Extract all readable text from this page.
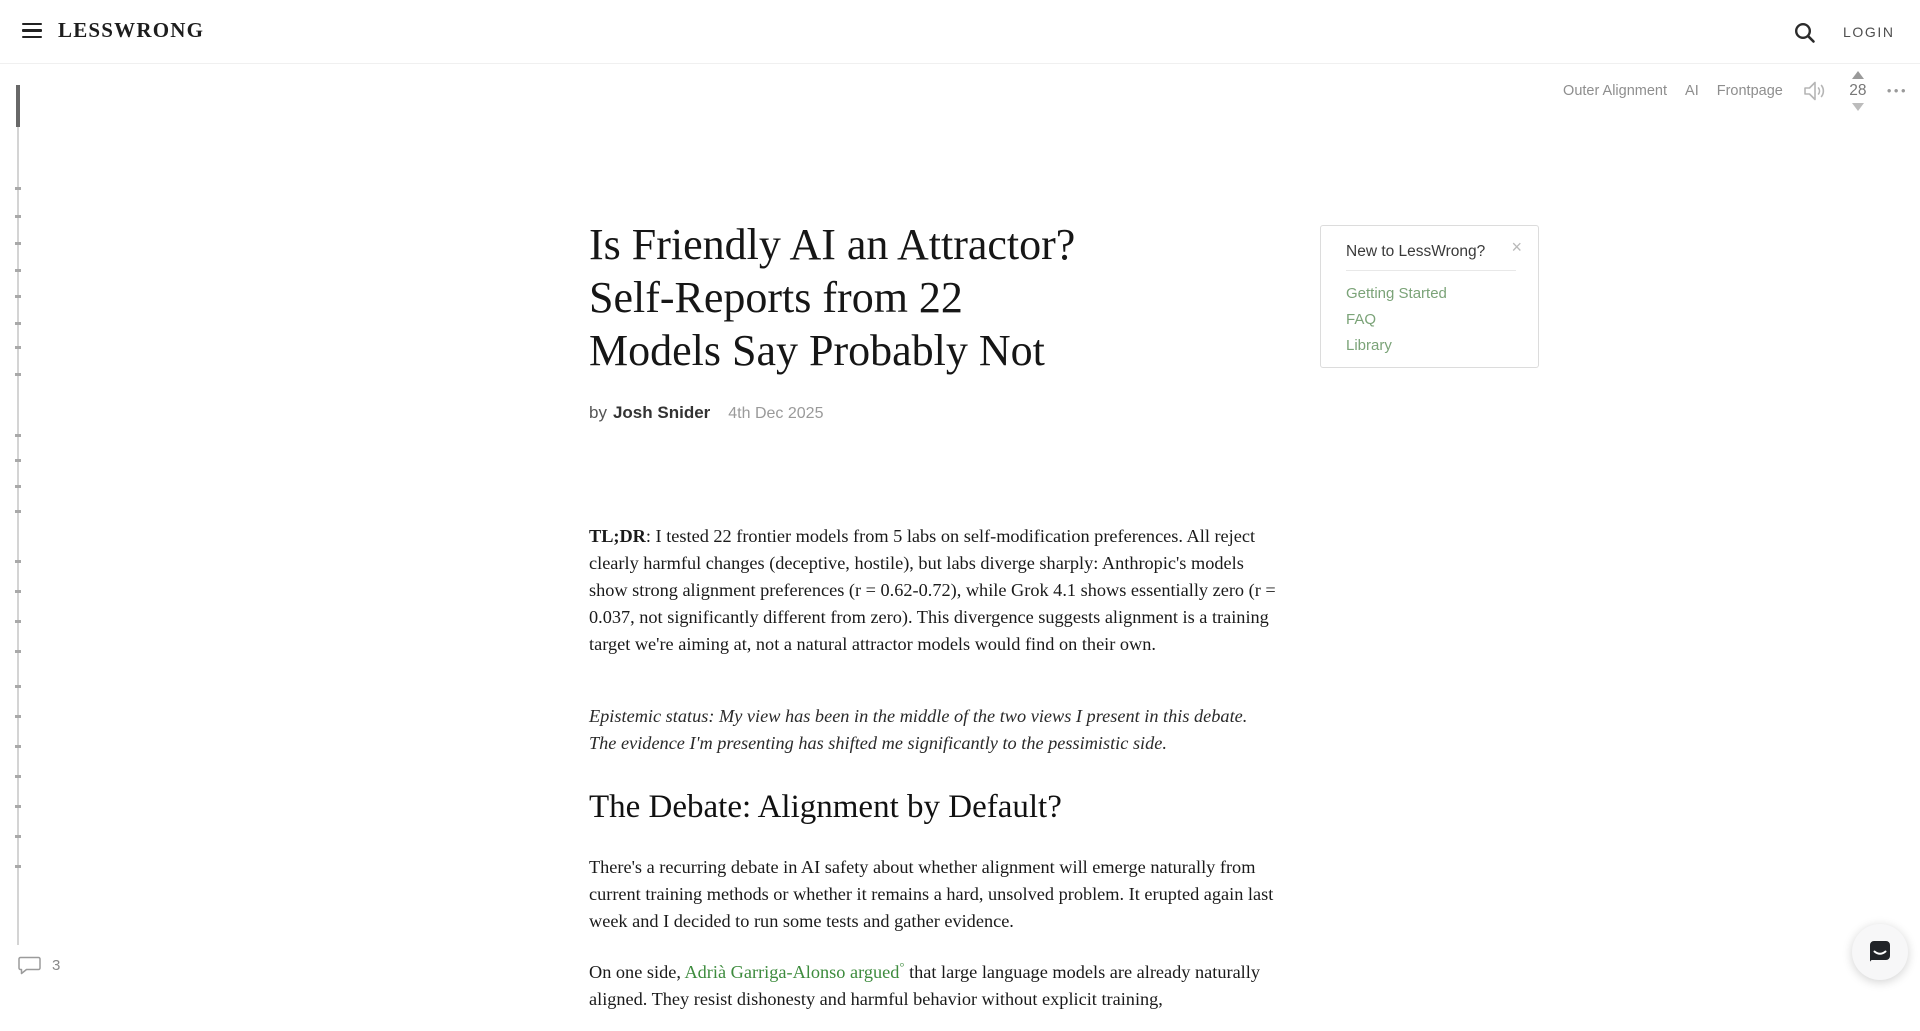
LESSWRONG	LOGIN
Outer Alignment AI Frontpage	28 •••
Is Friendly AI an Attractor?
Self-Reports from 22
Models Say Probably Not
by Josh Snider 4th Dec 2025

TL;DR: I tested 22 frontier models from 5 labs on self-modification preferences. All reject clearly harmful changes (deceptive, hostile), but labs diverge sharply: Anthropic's models show strong alignment preferences (r = 0.62-0.72), while Grok 4.1 shows essentially zero (r = 0.037, not significantly different from zero). This divergence suggests alignment is a training target we're aiming at, not a natural attractor models would find on their own.

Epistemic status: My view has been in the middle of the two views I present in this debate. The evidence I'm presenting has shifted me significantly to the pessimistic side.

The Debate: Alignment by Default?

There's a recurring debate in AI safety about whether alignment will emerge naturally from current training methods or whether it remains a hard, unsolved problem. It erupted again last week and I decided to run some tests and gather evidence.

On one side, Adrià Garriga-Alonso argued° that large language models are already naturally aligned. They resist dishonesty and harmful behavior without explicit training,

New to LessWrong? ×
Getting Started
FAQ
Library
3
